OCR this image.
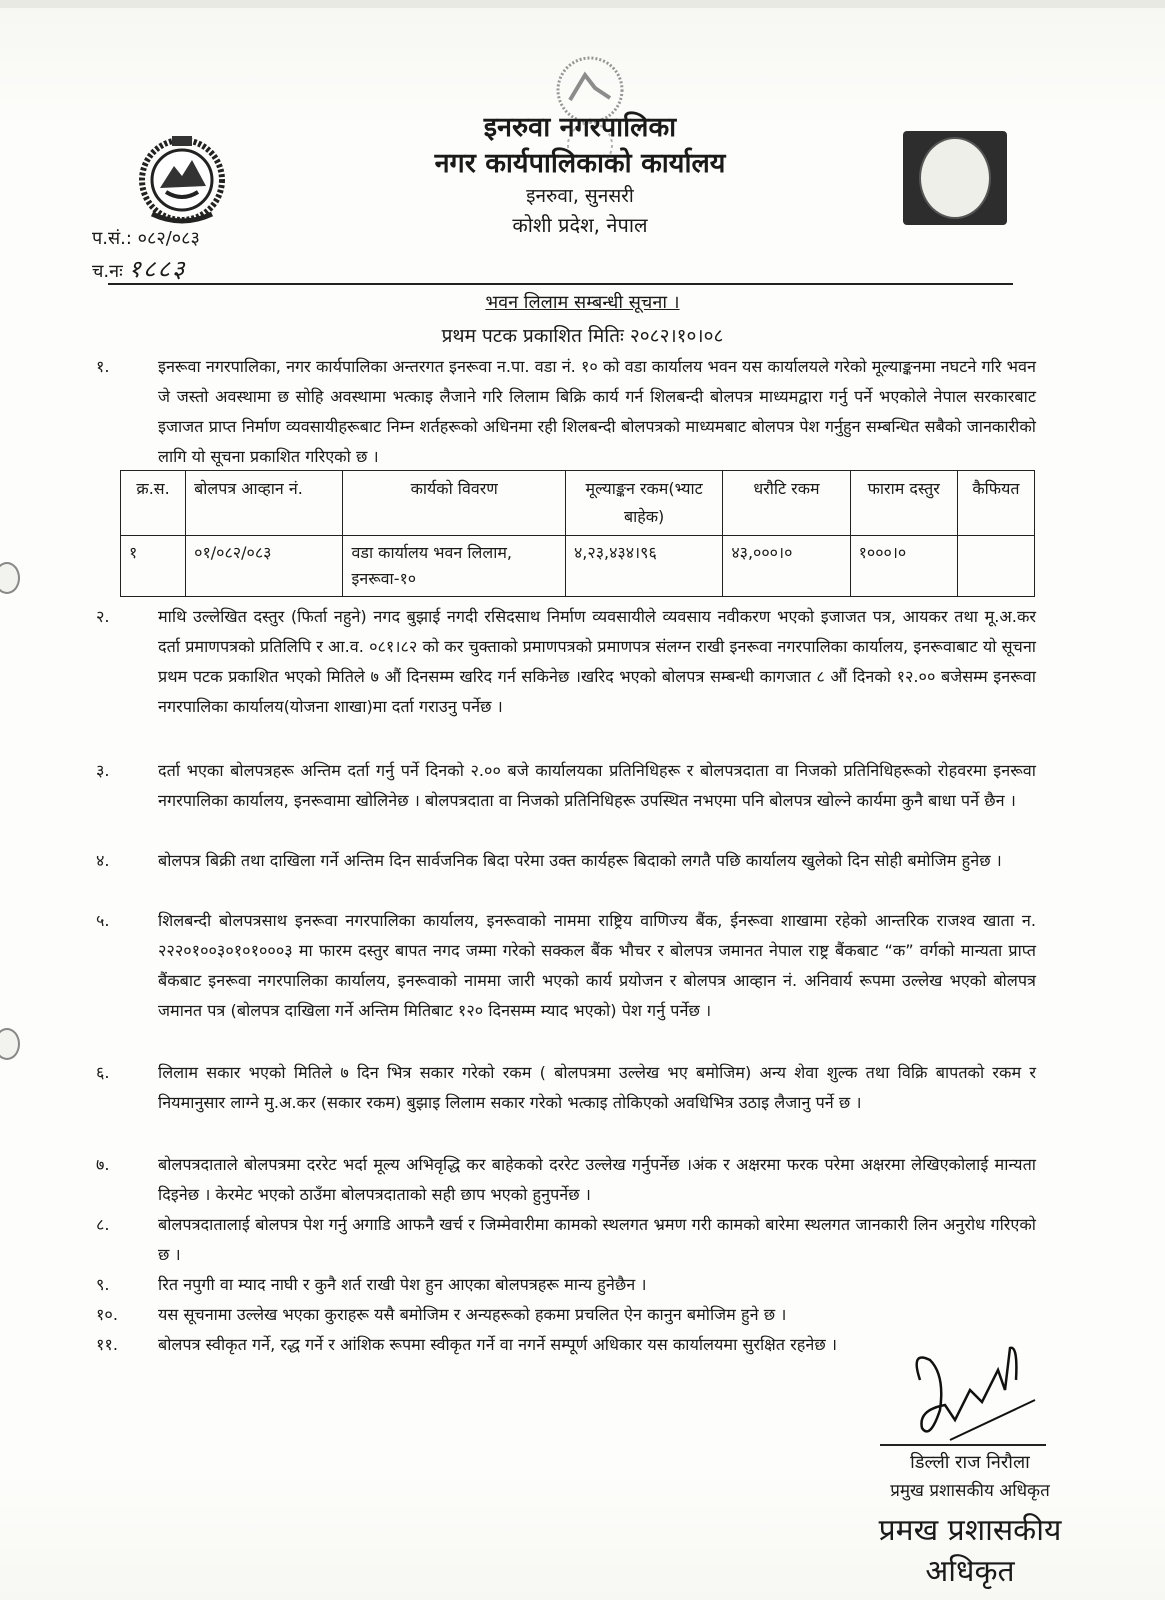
इनरुवा नगरपालिका
नगर कार्यपालिकाको कार्यालय
इनरुवा, सुनसरी
कोशी प्रदेश, नेपाल
प.सं.: ०८२/०८३
च.नः १८८३
भवन लिलाम सम्बन्धी सूचना ।
प्रथम पटक प्रकाशित मितिः २०८२।१०।०८
१.	इनरूवा नगरपालिका, नगर कार्यपालिका अन्तरगत इनरूवा न.पा. वडा नं. १० को वडा कार्यालय भवन यस कार्यालयले गरेको मूल्याङ्कनमा नघटने गरि भवन जे जस्तो अवस्थामा छ सोहि अवस्थामा भत्काइ लैजाने गरि लिलाम बिक्रि कार्य गर्न शिलबन्दी बोलपत्र माध्यमद्वारा गर्नु पर्ने भएकोले नेपाल सरकारबाट इजाजत प्राप्त निर्माण व्यवसायीहरूबाट निम्न शर्तहरूको अधिनमा रही शिलबन्दी बोलपत्रको माध्यमबाट बोलपत्र पेश गर्नुहुन सम्बन्धित सबैको जानकारीको लागि यो सूचना प्रकाशित गरिएको छ ।
क्र.स.	बोलपत्र आव्हान नं.	कार्यको विवरण	मूल्याङ्कन रकम(भ्याट बाहेक)	धरौटि रकम	फाराम दस्तुर	कैफियत
१	०१/०८२/०८३	वडा कार्यालय भवन लिलाम, इनरूवा-१०	४,२३,४३४।९६	४३,०००।०	१०००।०	
२.	माथि उल्लेखित दस्तुर (फिर्ता नहुने) नगद बुझाई नगदी रसिदसाथ निर्माण व्यवसायीले व्यवसाय नवीकरण भएको इजाजत पत्र, आयकर तथा मू.अ.कर दर्ता प्रमाणपत्रको प्रतिलिपि र आ.व. ०८१।८२ को कर चुक्ताको प्रमाणपत्रको प्रमाणपत्र संलग्न राखी इनरूवा नगरपालिका कार्यालय, इनरूवाबाट यो सूचना प्रथम पटक प्रकाशित भएको मितिले ७ औं दिनसम्म खरिद गर्न सकिनेछ ।खरिद भएको बोलपत्र सम्बन्धी कागजात ८ औं दिनको १२.०० बजेसम्म इनरूवा नगरपालिका कार्यालय(योजना शाखा)मा दर्ता गराउनु पर्नेछ ।
३.	दर्ता भएका बोलपत्रहरू अन्तिम दर्ता गर्नु पर्ने दिनको २.०० बजे कार्यालयका प्रतिनिधिहरू र बोलपत्रदाता वा निजको प्रतिनिधिहरूको रोहवरमा इनरूवा नगरपालिका कार्यालय, इनरूवामा खोलिनेछ । बोलपत्रदाता वा निजको प्रतिनिधिहरू उपस्थित नभएमा पनि बोलपत्र खोल्ने कार्यमा कुनै बाधा पर्ने छैन ।
४.	बोलपत्र बिक्री तथा दाखिला गर्ने अन्तिम दिन सार्वजनिक बिदा परेमा उक्त कार्यहरू बिदाको लगतै पछि कार्यालय खुलेको दिन सोही बमोजिम हुनेछ ।
५.	शिलबन्दी बोलपत्रसाथ इनरूवा नगरपालिका कार्यालय, इनरूवाको नाममा राष्ट्रिय वाणिज्य बैंक, ईनरूवा शाखामा रहेको आन्तरिक राजश्व खाता न. २२२०१००३०१०१०००३ मा फारम दस्तुर बापत नगद जम्मा गरेको सक्कल बैंक भौचर र बोलपत्र जमानत नेपाल राष्ट्र बैंकबाट “क” वर्गको मान्यता प्राप्त बैंकबाट इनरूवा नगरपालिका कार्यालय, इनरूवाको नाममा जारी भएको कार्य प्रयोजन र बोलपत्र आव्हान नं. अनिवार्य रूपमा उल्लेख भएको बोलपत्र जमानत पत्र (बोलपत्र दाखिला गर्ने अन्तिम मितिबाट १२० दिनसम्म म्याद भएको) पेश गर्नु पर्नेछ ।
६.	लिलाम सकार भएको मितिले ७ दिन भित्र सकार गरेको रकम ( बोलपत्रमा उल्लेख भए बमोजिम) अन्य शेवा शुल्क तथा विक्रि बापतको रकम र नियमानुसार लाग्ने मु.अ.कर (सकार रकम) बुझाइ लिलाम सकार गरेको भत्काइ तोकिएको अवधिभित्र उठाइ लैजानु पर्ने छ ।
७.	बोलपत्रदाताले बोलपत्रमा दररेट भर्दा मूल्य अभिवृद्धि कर बाहेकको दररेट उल्लेख गर्नुपर्नेछ ।अंक र अक्षरमा फरक परेमा अक्षरमा लेखिएकोलाई मान्यता दिइनेछ । केरमेट भएको ठाउँमा बोलपत्रदाताको सही छाप भएको हुनुपर्नेछ ।
८.	बोलपत्रदातालाई बोलपत्र पेश गर्नु अगाडि आफनै खर्च र जिम्मेवारीमा कामको स्थलगत भ्रमण गरी कामको बारेमा स्थलगत जानकारी लिन अनुरोध गरिएको छ ।
९.	रित नपुगी वा म्याद नाघी र कुनै शर्त राखी पेश हुन आएका बोलपत्रहरू मान्य हुनेछैन ।
१०.	यस सूचनामा उल्लेख भएका कुराहरू यसै बमोजिम र अन्यहरूको हकमा प्रचलित ऐन कानुन बमोजिम हुने छ ।
११.	बोलपत्र स्वीकृत गर्ने, रद्ध गर्ने र आंशिक रूपमा स्वीकृत गर्ने वा नगर्ने सम्पूर्ण अधिकार यस कार्यालयमा सुरक्षित रहनेछ ।
डिल्ली राज निरौला
प्रमुख प्रशासकीय अधिकृत
प्रमख प्रशासकीय अधिकृत
